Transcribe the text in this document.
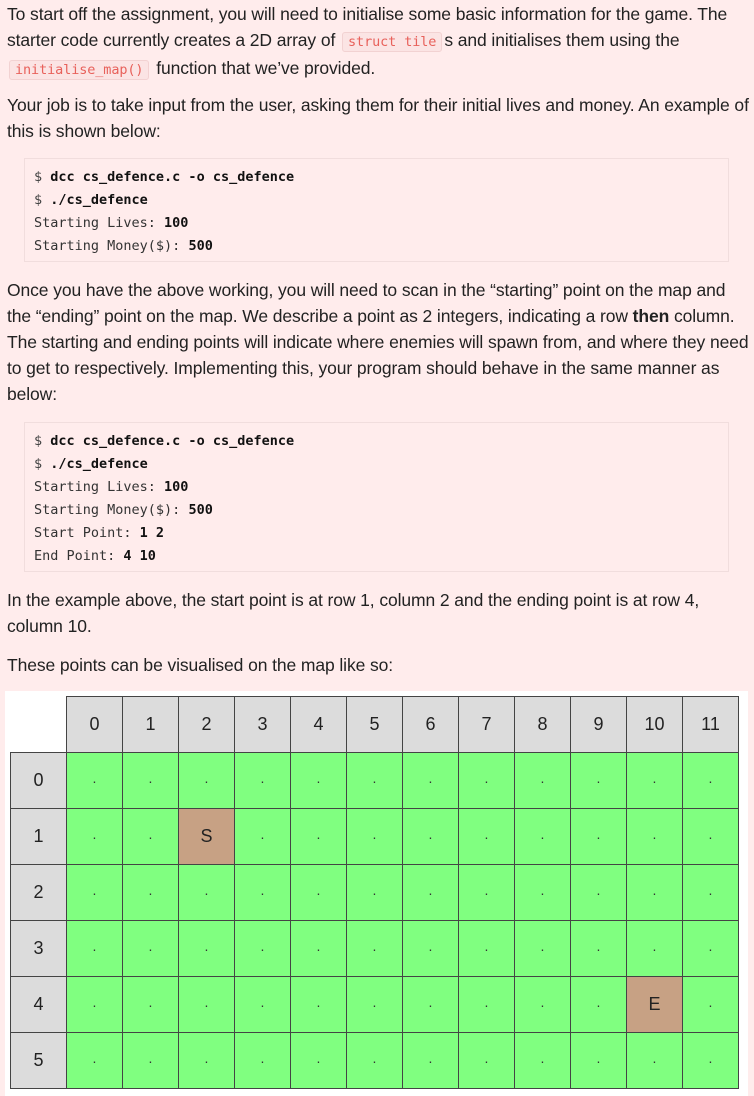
To start off the assignment, you will need to initialise some basic information for the game. The starter code currently creates a 2D array of struct tile s and initialises them using the initialise_map() function that we’ve provided.

Your job is to take input from the user, asking them for their initial lives and money. An example of this is shown below:

$ dcc cs_defence.c -o cs_defence
$ ./cs_defence
Starting Lives: 100
Starting Money($): 500

Once you have the above working, you will need to scan in the “starting” point on the map and the “ending” point on the map. We describe a point as 2 integers, indicating a row then column. The starting and ending points will indicate where enemies will spawn from, and where they need to get to respectively. Implementing this, your program should behave in the same manner as below:

$ dcc cs_defence.c -o cs_defence
$ ./cs_defence
Starting Lives: 100
Starting Money($): 500
Start Point: 1 2
End Point: 4 10

In the example above, the start point is at row 1, column 2 and the ending point is at row 4, column 10.

These points can be visualised on the map like so:

	0	1	2	3	4	5	6	7	8	9	10	11
0	·	·	·	·	·	·	·	·	·	·	·	·
1	·	·	S	·	·	·	·	·	·	·	·	·
2	·	·	·	·	·	·	·	·	·	·	·	·
3	·	·	·	·	·	·	·	·	·	·	·	·
4	·	·	·	·	·	·	·	·	·	·	E	·
5	·	·	·	·	·	·	·	·	·	·	·	·
